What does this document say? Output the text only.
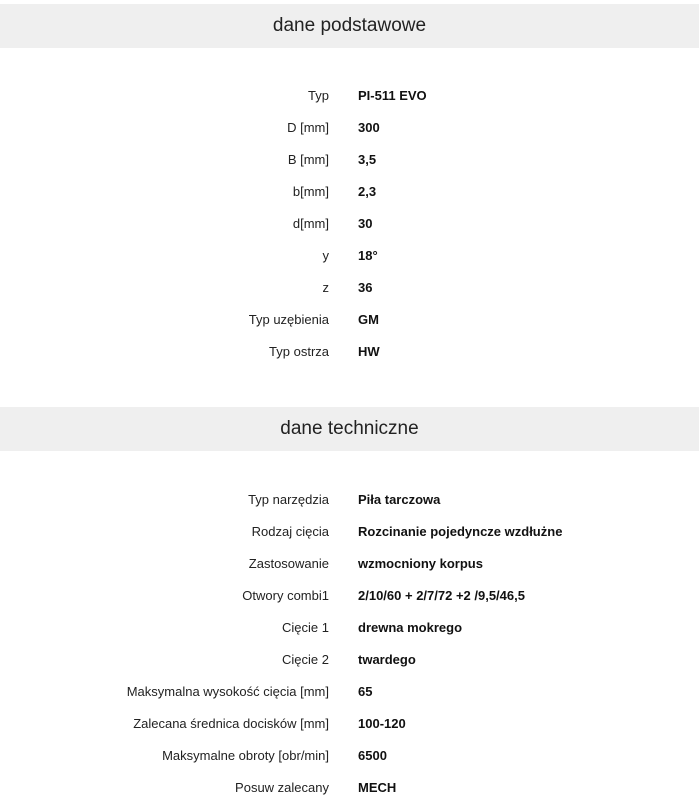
dane podstawowe
Typ	PI-511 EVO
D [mm]	300
B [mm]	3,5
b[mm]	2,3
d[mm]	30
y	18°
z	36
Typ uzębienia	GM
Typ ostrza	HW
dane techniczne
Typ narzędzia	Piła tarczowa
Rodzaj cięcia	Rozcinanie pojedyncze wzdłużne
Zastosowanie	wzmocniony korpus
Otwory combi1	2/10/60 + 2/7/72 +2 /9,5/46,5
Cięcie 1	drewna mokrego
Cięcie 2	twardego
Maksymalna wysokość cięcia [mm]	65
Zalecana średnica docisków [mm]	100-120
Maksymalne obroty [obr/min]	6500
Posuw zalecany	MECH
